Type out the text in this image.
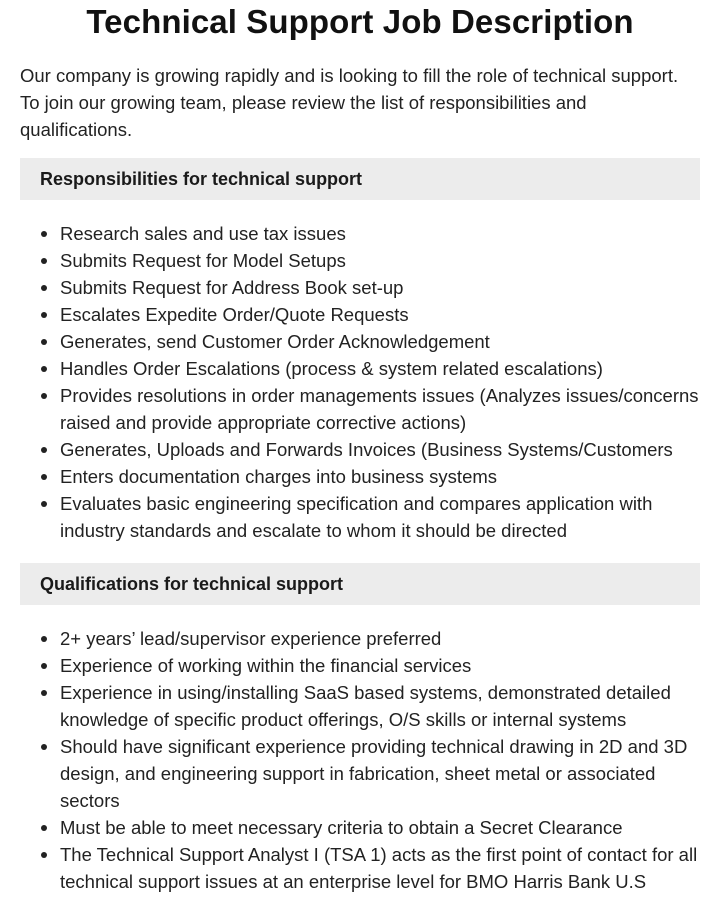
Technical Support Job Description

Our company is growing rapidly and is looking to fill the role of technical support. To join our growing team, please review the list of responsibilities and qualifications.

Responsibilities for technical support
Research sales and use tax issues
Submits Request for Model Setups
Submits Request for Address Book set-up
Escalates Expedite Order/Quote Requests
Generates, send Customer Order Acknowledgement
Handles Order Escalations (process & system related escalations)
Provides resolutions in order managements issues (Analyzes issues/concerns raised and provide appropriate corrective actions)
Generates, Uploads and Forwards Invoices (Business Systems/Customers
Enters documentation charges into business systems
Evaluates basic engineering specification and compares application with industry standards and escalate to whom it should be directed
Qualifications for technical support
2+ years’ lead/supervisor experience preferred
Experience of working within the financial services
Experience in using/installing SaaS based systems, demonstrated detailed knowledge of specific product offerings, O/S skills or internal systems
Should have significant experience providing technical drawing in 2D and 3D design, and engineering support in fabrication, sheet metal or associated sectors
Must be able to meet necessary criteria to obtain a Secret Clearance
The Technical Support Analyst I (TSA 1) acts as the first point of contact for all technical support issues at an enterprise level for BMO Harris Bank U.S
